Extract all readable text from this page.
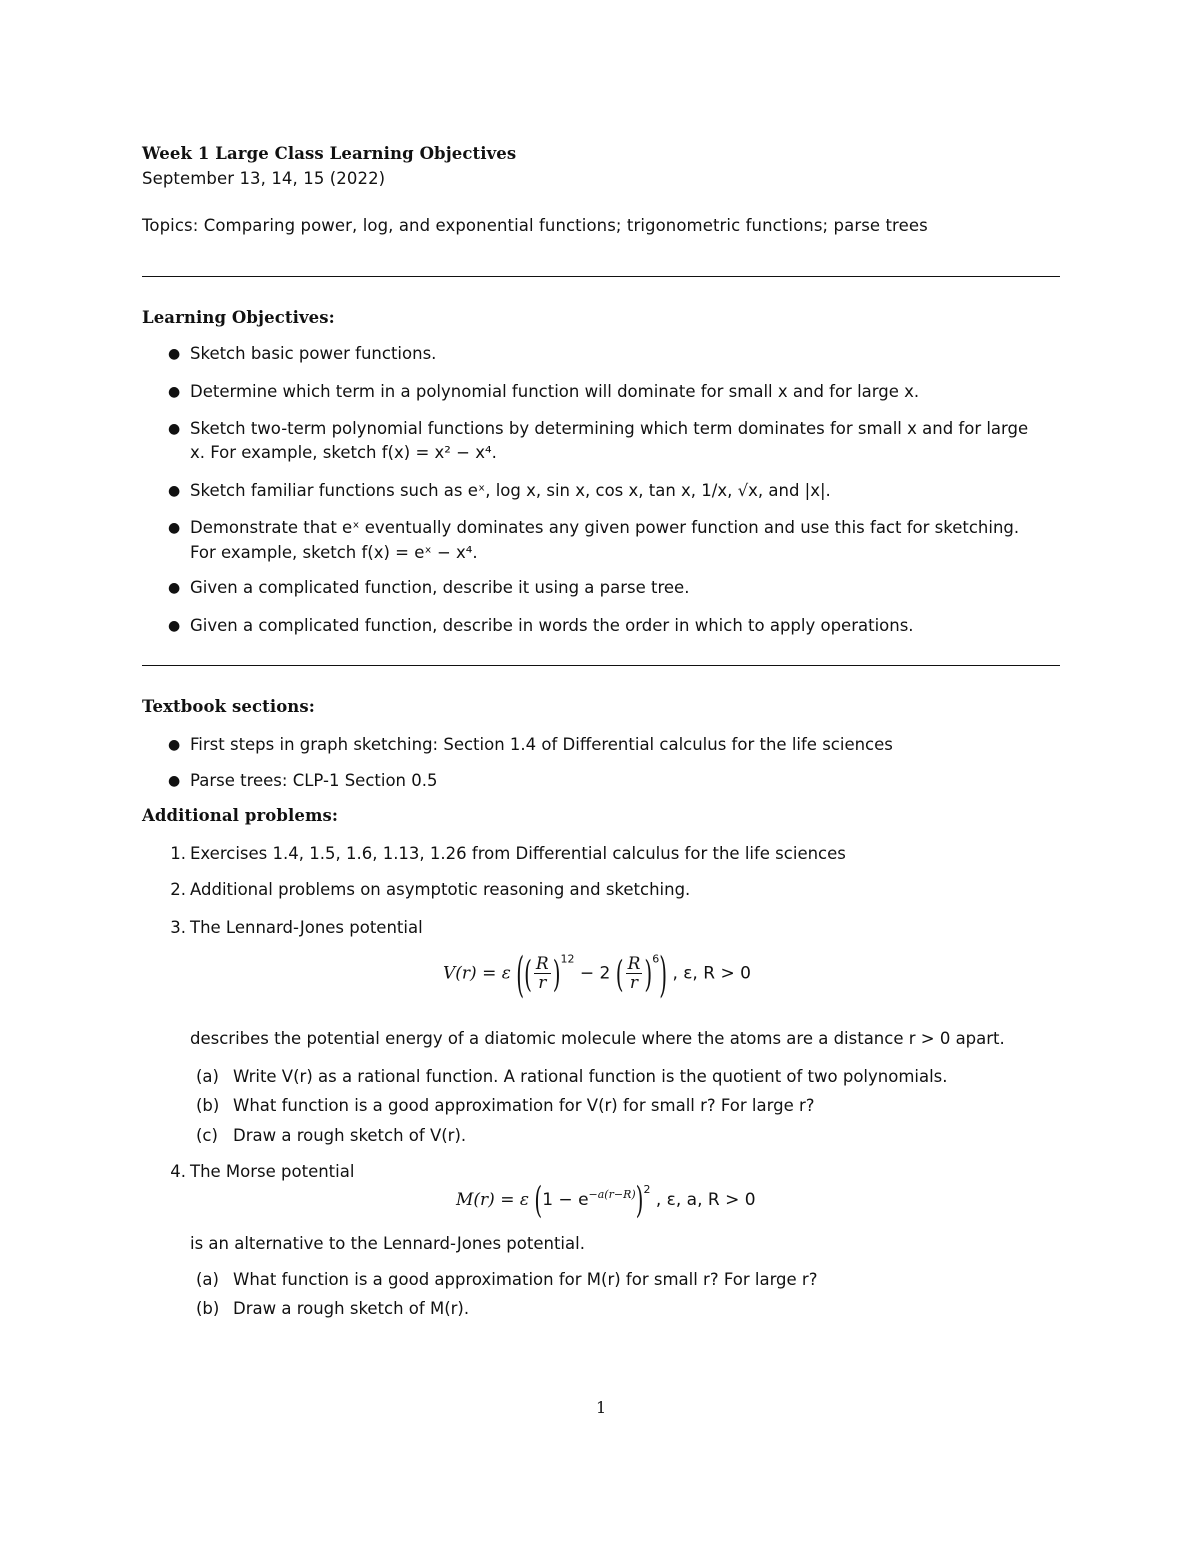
Week 1 Large Class Learning Objectives
September 13, 14, 15 (2022)
Topics: Comparing power, log, and exponential functions; trigonometric functions; parse trees
Learning Objectives:
● Sketch basic power functions.
● Determine which term in a polynomial function will dominate for small x and for large x.
● Sketch two-term polynomial functions by determining which term dominates for small x and for large
x. For example, sketch f(x) = x² − x⁴.
● Sketch familiar functions such as eˣ, log x, sin x, cos x, tan x, 1/x, √x, and |x|.
● Demonstrate that eˣ eventually dominates any given power function and use this fact for sketching.
For example, sketch f(x) = eˣ − x⁴.
● Given a complicated function, describe it using a parse tree.
● Given a complicated function, describe in words the order in which to apply operations.
Textbook sections:
● First steps in graph sketching: Section 1.4 of Differential calculus for the life sciences
● Parse trees: CLP-1 Section 0.5
Additional problems:
1. Exercises 1.4, 1.5, 1.6, 1.13, 1.26 from Differential calculus for the life sciences
2. Additional problems on asymptotic reasoning and sketching.
3. The Lennard-Jones potential
V(r) = ε (( $\frac{R}{r} )^{12} - 2$ ( $\frac{R}{r} )^6$) , ε, R > 0
describes the potential energy of a diatomic molecule where the atoms are a distance r > 0 apart.
(a) Write V(r) as a rational function. A rational function is the quotient of two polynomials.
(b) What function is a good approximation for V(r) for small r? For large r?
(c) Draw a rough sketch of V(r).
4. The Morse potential
M(r) = ε $(1 - e^{-a(r-R)})^2$ , ε, a, R > 0
is an alternative to the Lennard-Jones potential.
(a) What function is a good approximation for M(r) for small r? For large r?
(b) Draw a rough sketch of M(r).
1
